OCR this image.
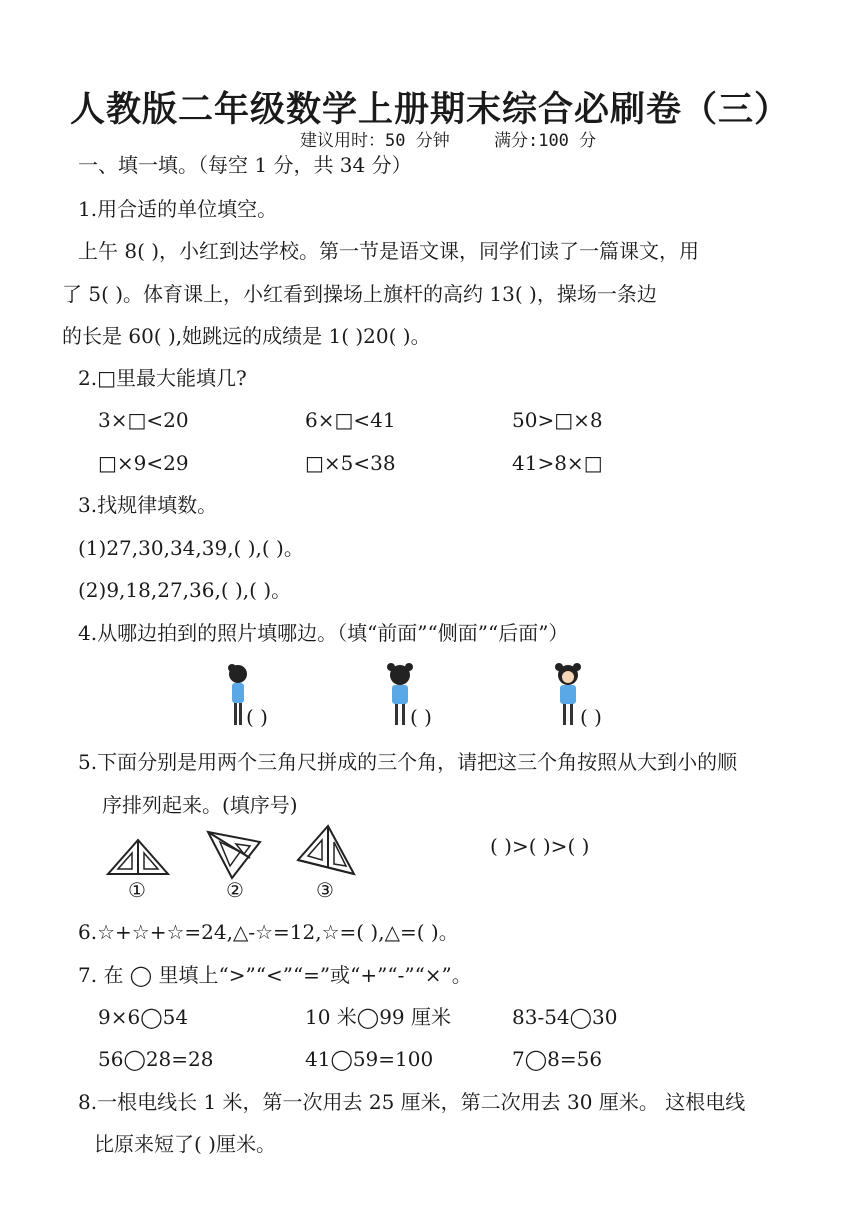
人教版二年级数学上册期末综合必刷卷（三）
建议用时：50 分钟	满分:100 分
一、填一填。（每空 1 分，共 34 分）
1.用合适的单位填空。
上午 8( )，小红到达学校。第一节是语文课，同学们读了一篇课文，用
了 5( )。体育课上，小红看到操场上旗杆的高约 13( )，操场一条边
的长是 60( ),她跳远的成绩是 1( )20( )。
2.□里最大能填几?
3×□<20	6×□<41	50>□×8
□×9<29	□×5<38	41>8×□
3.找规律填数。
(1)27,30,34,39,( ),( )。
(2)9,18,27,36,( ),( )。
4.从哪边拍到的照片填哪边。（填“前面”“侧面”“后面”）
( )	( )	( )
5.下面分别是用两个三角尺拼成的三个角，请把这三个角按照从大到小的顺
序排列起来。(填序号)
①	②	③
( )>( )>( )
6.☆+☆+☆=24,△-☆=12,☆=( ),△=( )。
7. 在 ◯ 里填上“>”“<”“=”或“+”“-”“×”。
9×6◯54	10 米◯99 厘米	83-54◯30
56◯28=28	41◯59=100	7◯8=56
8.一根电线长 1 米，第一次用去 25 厘米，第二次用去 30 厘米。 这根电线
比原来短了( )厘米。
